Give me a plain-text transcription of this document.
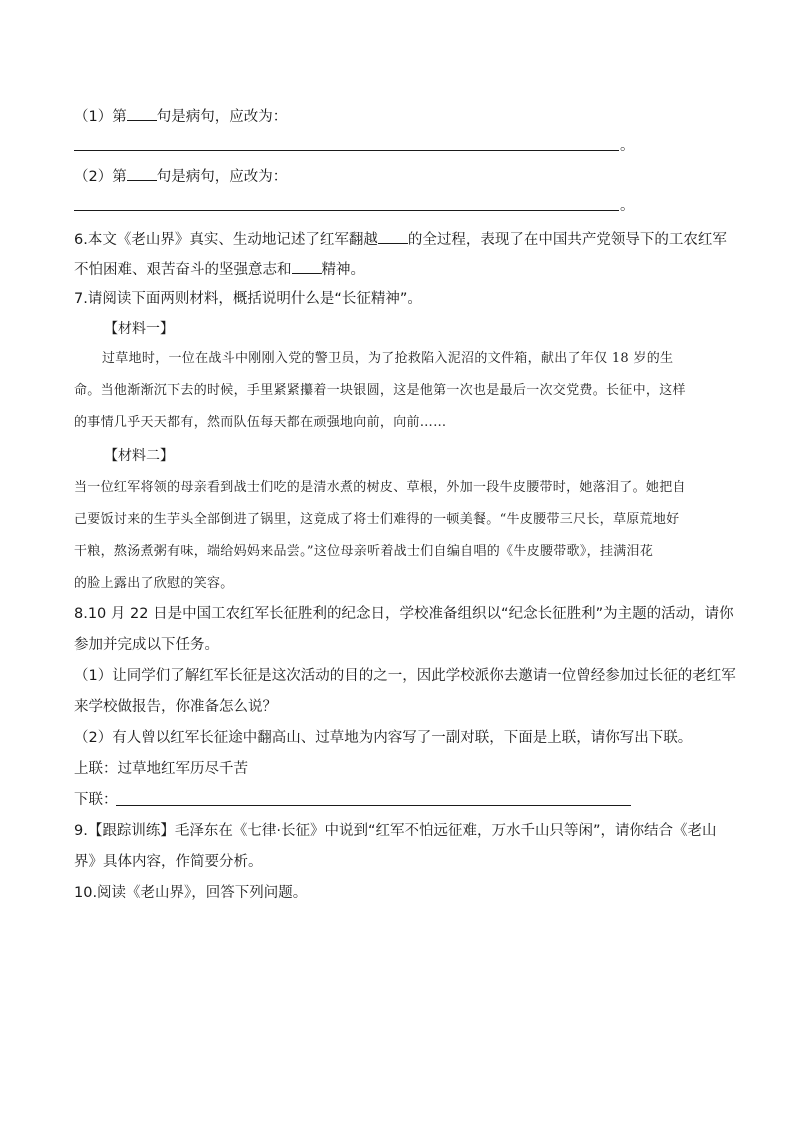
（1）第 句是病句，应改为：
。
（2）第 句是病句，应改为：
。
6.本文《老山界》真实、生动地记述了红军翻越 的全过程，表现了在中国共产党领导下的工农红军
不怕困难、艰苦奋斗的坚强意志和 精神。
7.请阅读下面两则材料，概括说明什么是“长征精神”。
【材料一】
过草地时，一位在战斗中刚刚入党的警卫员，为了抢救陷入泥沼的文件箱，献出了年仅 18 岁的生
命。当他渐渐沉下去的时候，手里紧紧攥着一块银圆，这是他第一次也是最后一次交党费。长征中，这样
的事情几乎天天都有，然而队伍每天都在顽强地向前，向前……
【材料二】
当一位红军将领的母亲看到战士们吃的是清水煮的树皮、草根，外加一段牛皮腰带时，她落泪了。她把自
己要饭讨来的生芋头全部倒进了锅里，这竟成了将士们难得的一顿美餐。“牛皮腰带三尺长，草原荒地好
干粮，熬汤煮粥有味，端给妈妈来品尝。”这位母亲听着战士们自编自唱的《牛皮腰带歌》，挂满泪花
的脸上露出了欣慰的笑容。
8.10 月 22 日是中国工农红军长征胜利的纪念日，学校准备组织以“纪念长征胜利”为主题的活动，请你
参加并完成以下任务。
（1）让同学们了解红军长征是这次活动的目的之一，因此学校派你去邀请一位曾经参加过长征的老红军
来学校做报告，你准备怎么说？
（2）有人曾以红军长征途中翻高山、过草地为内容写了一副对联，下面是上联，请你写出下联。
上联：过草地红军历尽千苦
下联：
9.【跟踪训练】毛泽东在《七律·长征》中说到“红军不怕远征难，万水千山只等闲”，请你结合《老山
界》具体内容，作简要分析。
10.阅读《老山界》，回答下列问题。
